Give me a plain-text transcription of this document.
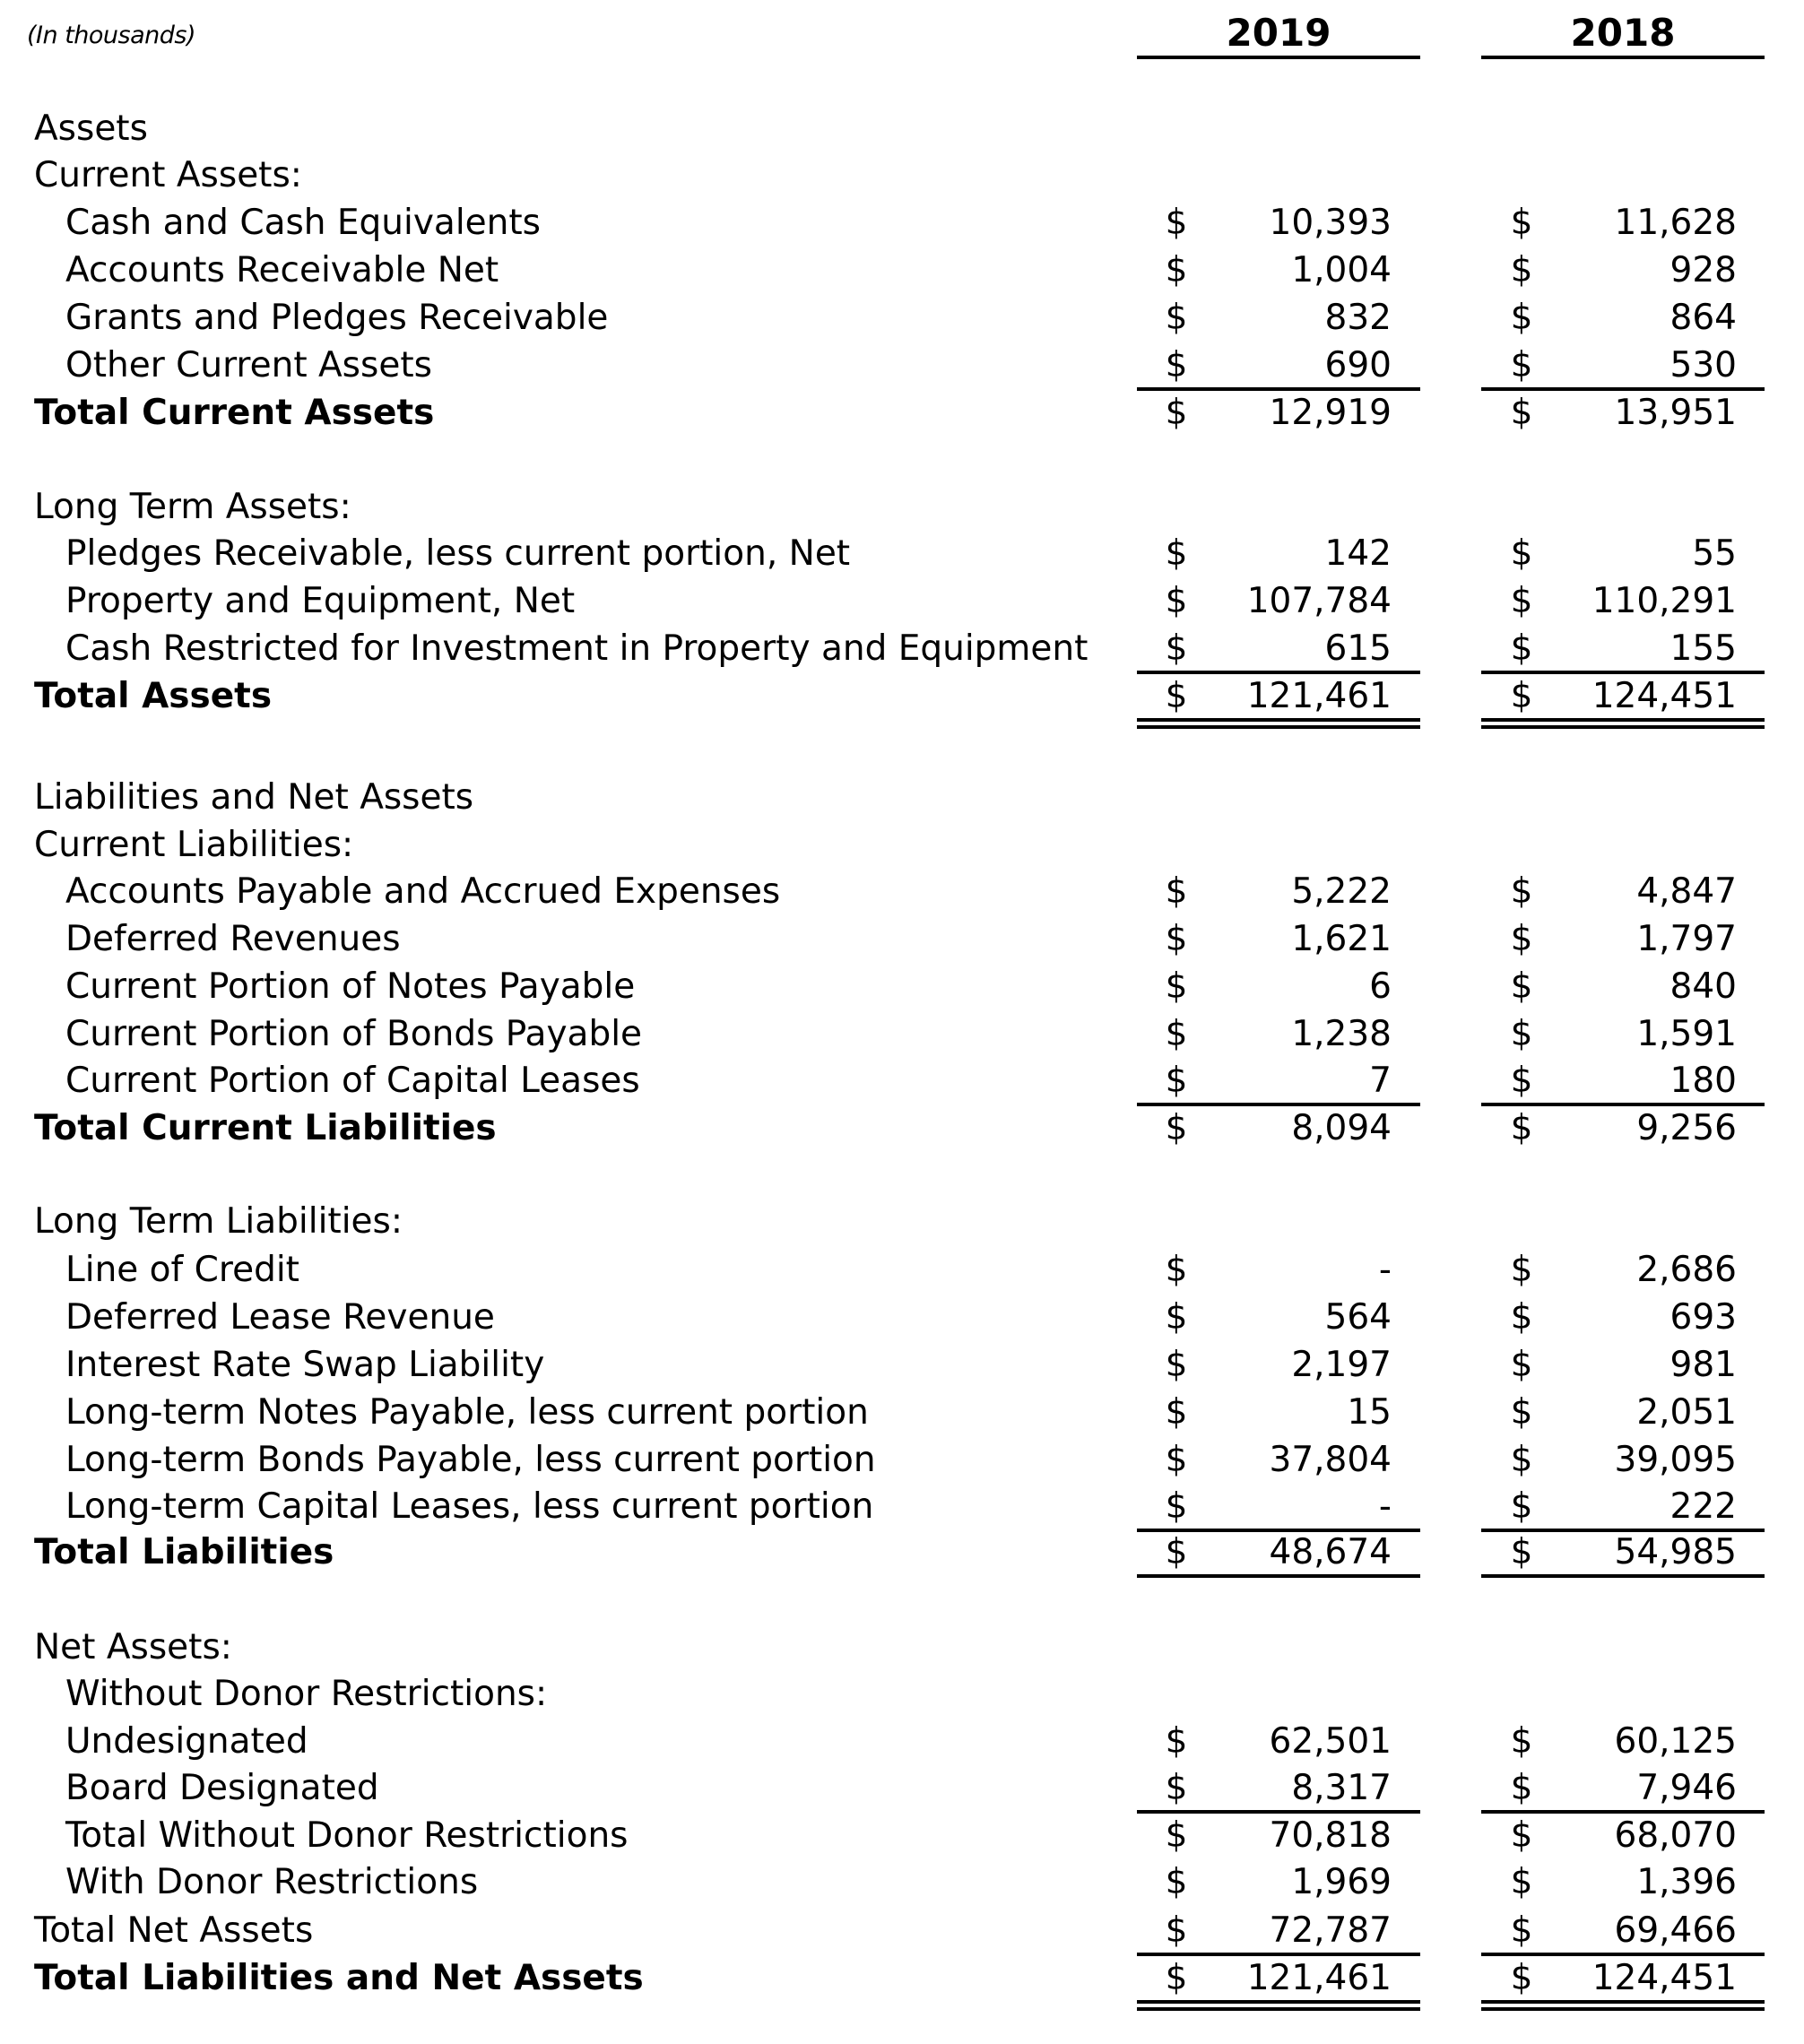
(In thousands)	2019	2018
Assets
Current Assets:
Cash and Cash Equivalents	$	10,393	$	11,628
Accounts Receivable Net	$	1,004	$	928
Grants and Pledges Receivable	$	832	$	864
Other Current Assets	$	690	$	530
Total Current Assets	$	12,919	$	13,951
Long Term Assets:
Pledges Receivable, less current portion, Net	$	142	$	55
Property and Equipment, Net	$	107,784	$	110,291
Cash Restricted for Investment in Property and Equipment $	615	$	155
Total Assets	$	121,461	$	124,451
Liabilities and Net Assets
Current Liabilities:
Accounts Payable and Accrued Expenses	$	5,222	$	4,847
Deferred Revenues	$	1,621	$	1,797
Current Portion of Notes Payable	$	6	$	840
Current Portion of Bonds Payable	$	1,238	$	1,591
Current Portion of Capital Leases	$	7	$	180
Total Current Liabilities	$	8,094	$	9,256
Long Term Liabilities:
Line of Credit	$	-	$	2,686
Deferred Lease Revenue	$	564	$	693
Interest Rate Swap Liability	$	2,197	$	981
Long-term Notes Payable, less current portion	$	15	$	2,051
Long-term Bonds Payable, less current portion	$	37,804	$	39,095
Long-term Capital Leases, less current portion	$	-	$	222
Total Liabilities	$	48,674	$	54,985
Net Assets:
Without Donor Restrictions:
Undesignated	$	62,501	$	60,125
Board Designated	$	8,317	$	7,946
Total Without Donor Restrictions	$	70,818	$	68,070
With Donor Restrictions	$	1,969	$	1,396
Total Net Assets	$	72,787	$	69,466
Total Liabilities and Net Assets	$	121,461	$	124,451
